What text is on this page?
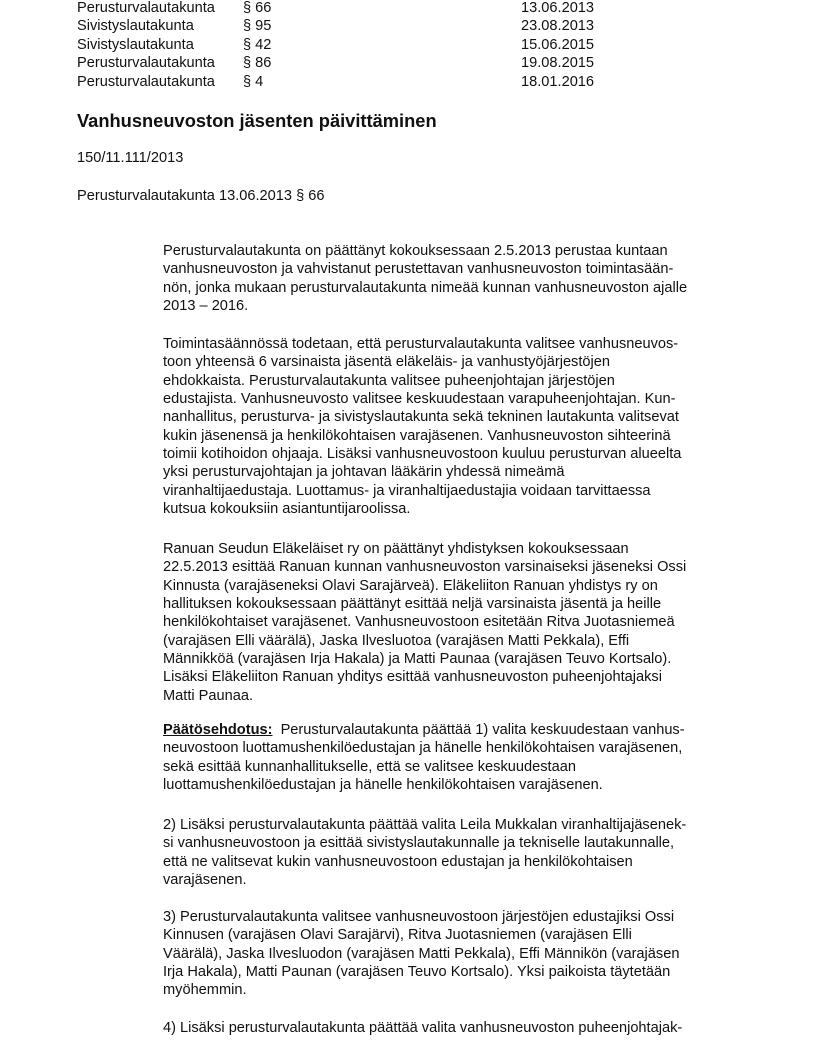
Perusturvalautakunta § 66	13.06.2013
Sivistyslautakunta	§ 95	23.08.2013
Sivistyslautakunta	§ 42	15.06.2015
Perusturvalautakunta § 86	19.08.2015
Perusturvalautakunta § 4	18.01.2016
Vanhusneuvoston jäsenten päivittäminen
150/11.111/2013
Perusturvalautakunta 13.06.2013 § 66
Perusturvalautakunta on päättänyt kokouksessaan 2.5.2013 perustaa kuntaan
vanhusneuvoston ja vahvistanut perustettavan vanhusneuvoston toimintasään-
nön, jonka mukaan perusturvalautakunta nimeää kunnan vanhusneuvoston ajalle
2013 – 2016.
Toimintasäännössä todetaan, että perusturvalautakunta valitsee vanhusneuvos-
toon yhteensä 6 varsinaista jäsentä eläkeläis- ja vanhustyöjärjestöjen
ehdokkaista. Perusturvalautakunta valitsee puheenjohtajan järjestöjen
edustajista. Vanhusneuvosto valitsee keskuudestaan varapuheenjohtajan. Kun-
nanhallitus, perusturva- ja sivistyslautakunta sekä tekninen lautakunta valitsevat
kukin jäsenensä ja henkilökohtaisen varajäsenen. Vanhusneuvoston sihteerinä
toimii kotihoidon ohjaaja. Lisäksi vanhusneuvostoon kuuluu perusturvan alueelta
yksi perusturvajohtajan ja johtavan lääkärin yhdessä nimeämä
viranhaltijaedustaja. Luottamus- ja viranhaltijaedustajia voidaan tarvittaessa
kutsua kokouksiin asiantuntijaroolissa.
Ranuan Seudun Eläkeläiset ry on päättänyt yhdistyksen kokouksessaan
22.5.2013 esittää Ranuan kunnan vanhusneuvoston varsinaiseksi jäseneksi Ossi
Kinnusta (varajäseneksi Olavi Sarajärveä). Eläkeliiton Ranuan yhdistys ry on
hallituksen kokouksessaan päättänyt esittää neljä varsinaista jäsentä ja heille
henkilökohtaiset varajäsenet. Vanhusneuvostoon esitetään Ritva Juotasniemeä
(varajäsen Elli väärälä), Jaska Ilvesluotoa (varajäsen Matti Pekkala), Effi
Männikköä (varajäsen Irja Hakala) ja Matti Paunaa (varajäsen Teuvo Kortsalo).
Lisäksi Eläkeliiton Ranuan yhditys esittää vanhusneuvoston puheenjohtajaksi
Matti Paunaa.
Päätösehdotus: Perusturvalautakunta päättää 1) valita keskuudestaan vanhus-
neuvostoon luottamushenkilöedustajan ja hänelle henkilökohtaisen varajäsenen,
sekä esittää kunnanhallitukselle, että se valitsee keskuudestaan
luottamushenkilöedustajan ja hänelle henkilökohtaisen varajäsenen.
2) Lisäksi perusturvalautakunta päättää valita Leila Mukkalan viranhaltijajäsenek-
si vanhusneuvostoon ja esittää sivistyslautakunnalle ja tekniselle lautakunnalle,
että ne valitsevat kukin vanhusneuvostoon edustajan ja henkilökohtaisen
varajäsenen.
3) Perusturvalautakunta valitsee vanhusneuvostoon järjestöjen edustajiksi Ossi
Kinnusen (varajäsen Olavi Sarajärvi), Ritva Juotasniemen (varajäsen Elli
Väärälä), Jaska Ilvesluodon (varajäsen Matti Pekkala), Effi Männikön (varajäsen
Irja Hakala), Matti Paunan (varajäsen Teuvo Kortsalo). Yksi paikoista täytetään
myöhemmin.
4) Lisäksi perusturvalautakunta päättää valita vanhusneuvoston puheenjohtajak-
